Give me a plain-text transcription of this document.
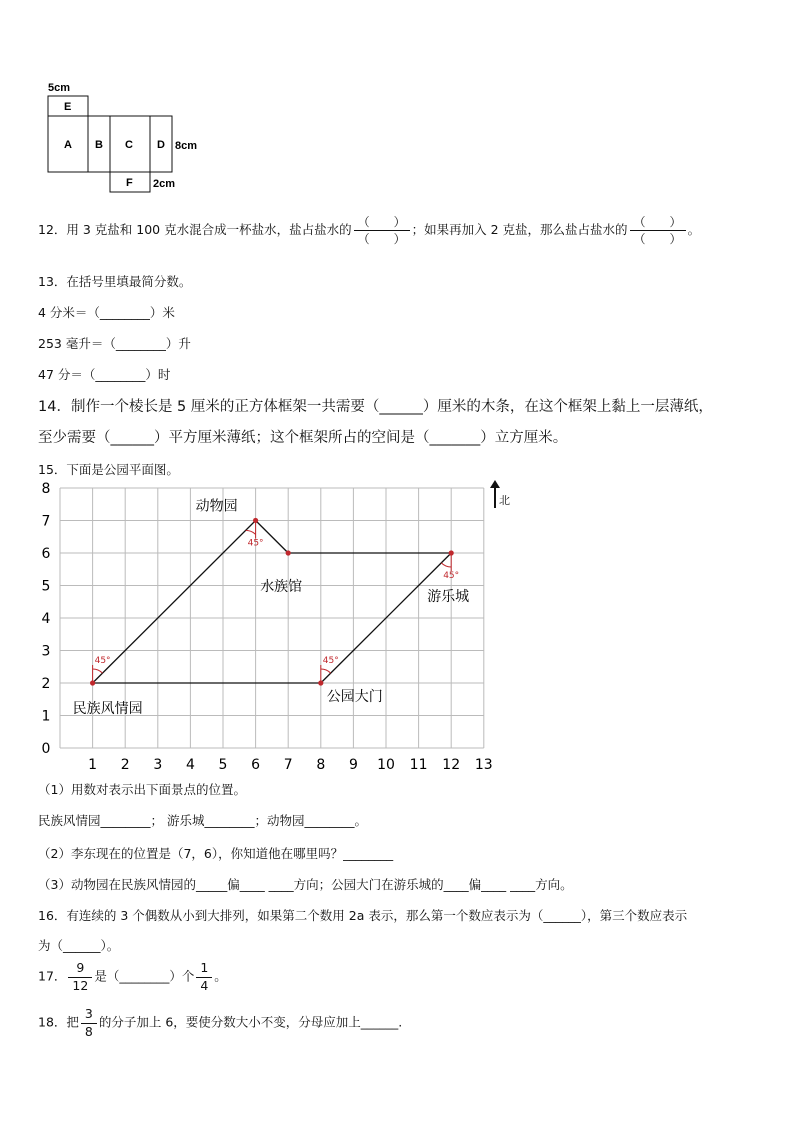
5cm
E
A B C D
F
8cm
2cm
12．用 3 克盐和 100 克水混合成一杯盐水，盐占盐水的 $\frac{( )}{( )}$ ；如果再加入 2 克盐，那么盐占盐水的 $\frac{( )}{( )}$ 。
13．在括号里填最简分数。
4 分米＝（________）米
253 毫升＝（________）升
47 分＝（________）时
14．制作一个棱长是 5 厘米的正方体框架一共需要（______）厘米的木条，在这个框架上黏上一层薄纸，
至少需要（______）平方厘米薄纸；这个框架所占的空间是（_______）立方厘米。
15．下面是公园平面图。
1 2 3 4 5 6 7 8 9 10 11 12 13
0
1
2
3
4
5
6
7
8
45°	45°
45°
45°
民族风情园
动物园
水族馆
游乐城
公园大门
北
（1）用数对表示出下面景点的位置。
民族风情园________； 游乐城________；动物园________。
（2）李东现在的位置是（7，6），你知道他在哪里吗？________
（3）动物园在民族风情园的_____偏____ ____方向；公园大门在游乐城的____偏____ ____方向。
16．有连续的 3 个偶数从小到大排列，如果第二个数用 2a 表示，那么第一个数应表示为（______），第三个数应表示
为（______）。
17． $\frac{9}{12}$ 是（________）个 $\frac{1}{4}$ 。
18．把 $\frac{3}{8}$ 的分子加上 6，要使分数大小不变，分母应加上______.
